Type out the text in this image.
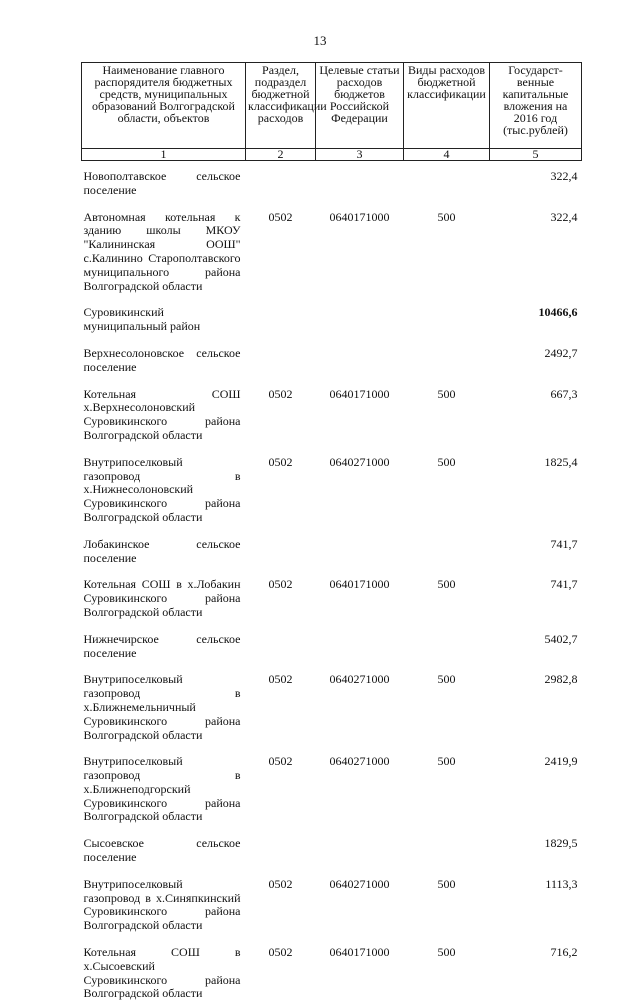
13
Наименование главного распорядителя бюджетных средств, муниципальных образований Волгоградской области, объектов	Раздел, подраздел бюджетной классификации расходов	Целевые статьи расходов бюджетов Российской Федерации	Виды расходов бюджетной классификации	Государст-венные капитальные вложения на 2016 год (тыс.рублей)
1	2	3	4	5
Новополтавское сельское поселение				322,4
Автономная котельная к зданию школы МКОУ "Калининская ООШ" с.Калинино Старополтавского муниципального района Волгоградской области	0502	0640171000	500	322,4
Суровикинский муниципальный район				10466,6
Верхнесолоновское сельское поселение				2492,7
Котельная СОШ х.Верхнесолоновский Суровикинского района Волгоградской области	0502	0640171000	500	667,3
Внутрипоселковый газопровод в х.Нижнесолоновский Суровикинского района Волгоградской области	0502	0640271000	500	1825,4
Лобакинское сельское поселение				741,7
Котельная СОШ в х.Лобакин Суровикинского района Волгоградской области	0502	0640171000	500	741,7
Нижнечирское сельское поселение				5402,7
Внутрипоселковый газопровод в х.Ближнемельничный Суровикинского района Волгоградской области	0502	0640271000	500	2982,8
Внутрипоселковый газопровод в х.Ближнеподгорский Суровикинского района Волгоградской области	0502	0640271000	500	2419,9
Сысоевское сельское поселение				1829,5
Внутрипоселковый газопровод в х.Синяпкинский Суровикинского района Волгоградской области	0502	0640271000	500	1113,3
Котельная СОШ в х.Сысоевский Суровикинского района Волгоградской области	0502	0640171000	500	716,2
